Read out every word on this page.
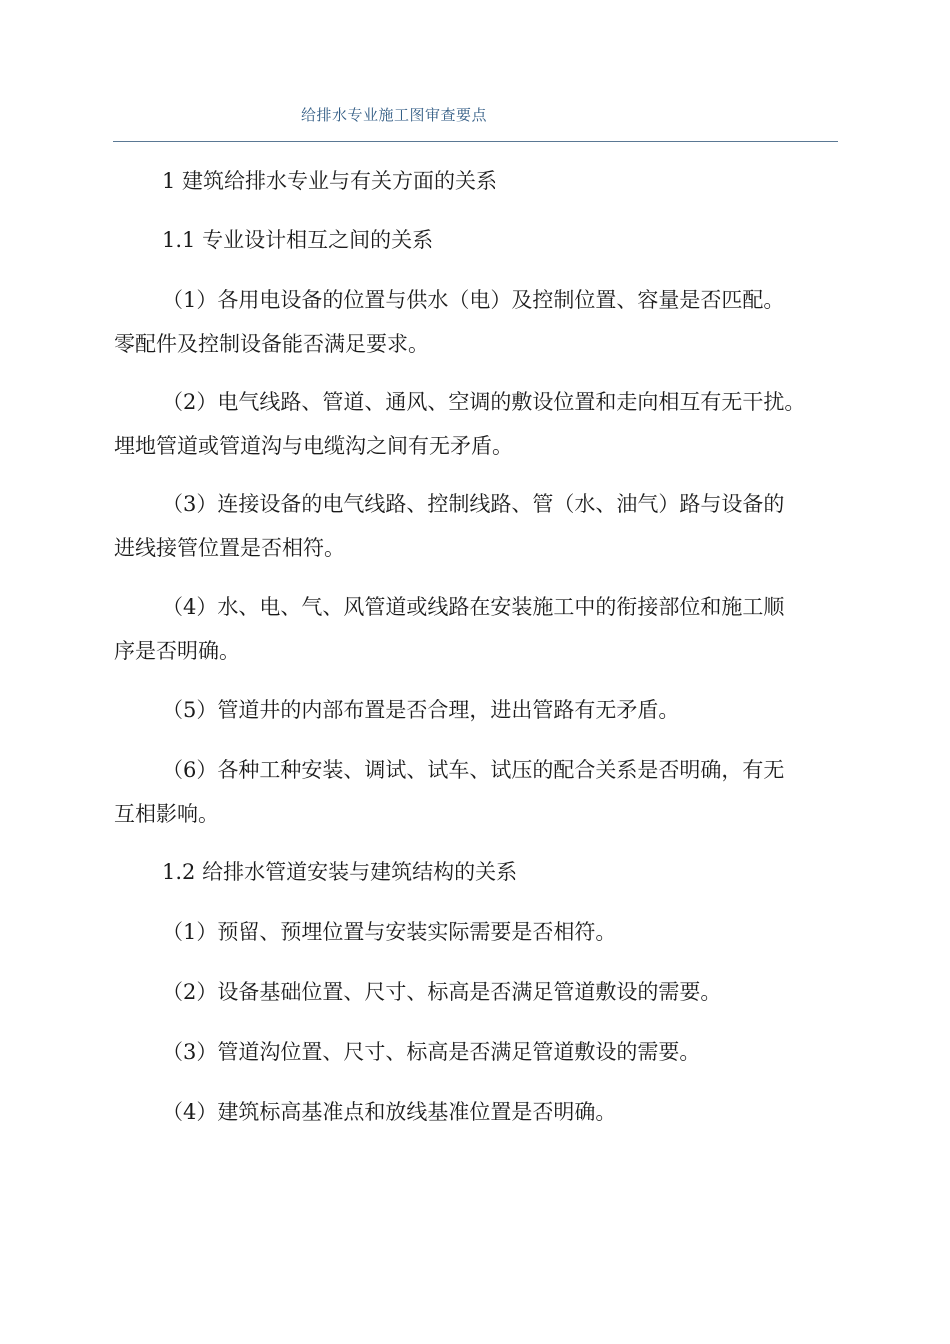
给排水专业施工图审查要点
1 建筑给排水专业与有关方面的关系
1.1 专业设计相互之间的关系
（1）各用电设备的位置与供水（电）及控制位置、容量是否匹配。
零配件及控制设备能否满足要求。
（2）电气线路、管道、通风、空调的敷设位置和走向相互有无干扰。
埋地管道或管道沟与电缆沟之间有无矛盾。
（3）连接设备的电气线路、控制线路、管（水、油气）路与设备的
进线接管位置是否相符。
（4）水、电、气、风管道或线路在安装施工中的衔接部位和施工顺
序是否明确。
（5）管道井的内部布置是否合理，进出管路有无矛盾。
（6）各种工种安装、调试、试车、试压的配合关系是否明确，有无
互相影响。
1.2 给排水管道安装与建筑结构的关系
（1）预留、预埋位置与安装实际需要是否相符。
（2）设备基础位置、尺寸、标高是否满足管道敷设的需要。
（3）管道沟位置、尺寸、标高是否满足管道敷设的需要。
（4）建筑标高基准点和放线基准位置是否明确。
